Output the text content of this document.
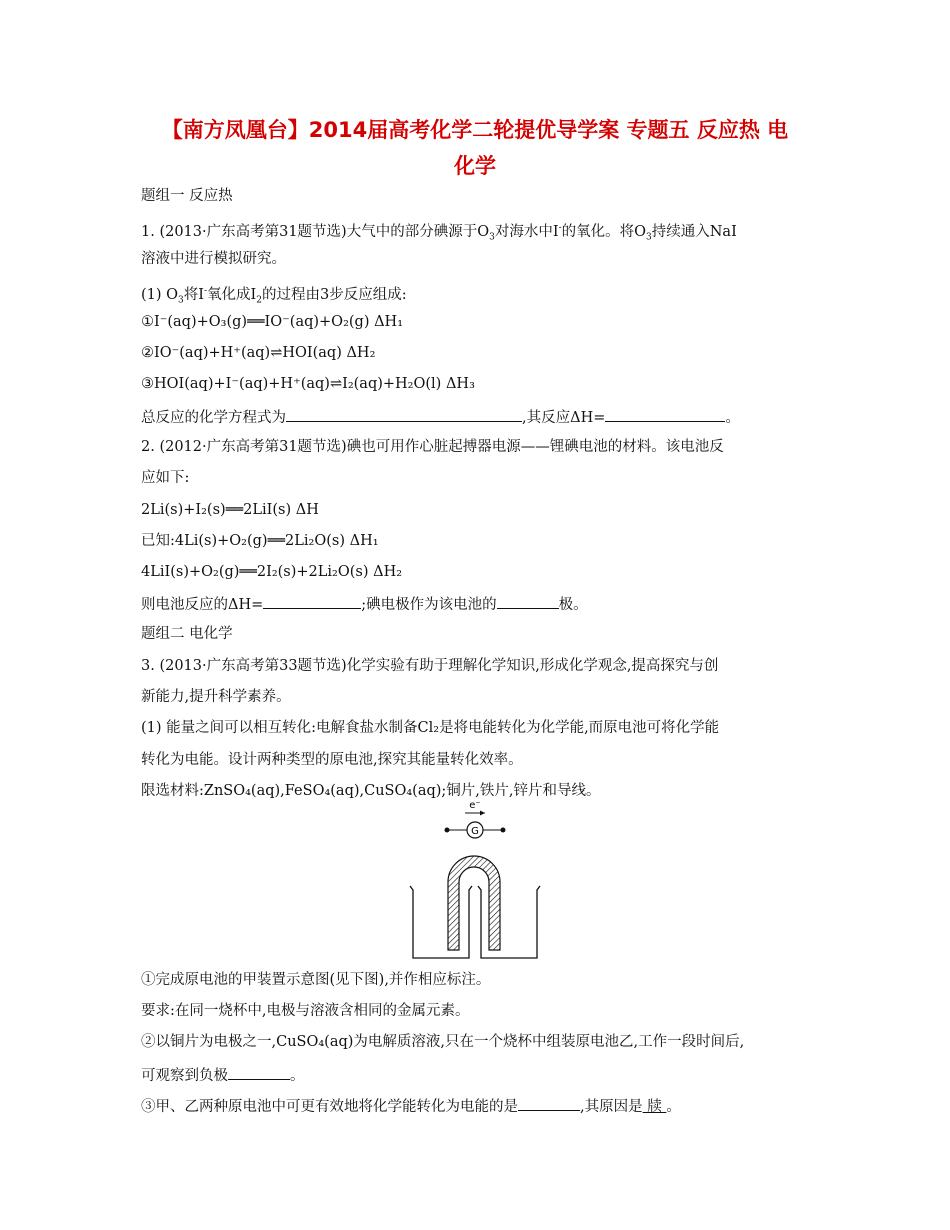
【南方凤凰台】2014届高考化学二轮提优导学案 专题五 反应热 电
化学
题组一 反应热
1. (2013·广东高考第31题节选)大气中的部分碘源于$O_3$对海水中I-的氧化。将$O_3$持续通入NaI
溶液中进行模拟研究。
(1) $O_3$将I-氧化成$I_2$的过程由3步反应组成:
①I⁻(aq)+O₃(g)══IO⁻(aq)+O₂(g) ΔH₁
②IO⁻(aq)+H⁺(aq)⇌HOI(aq) ΔH₂
③HOI(aq)+I⁻(aq)+H⁺(aq)⇌I₂(aq)+H₂O(l) ΔH₃
总反应的化学方程式为	,其反应ΔH=	。
2. (2012·广东高考第31题节选)碘也可用作心脏起搏器电源——锂碘电池的材料。该电池反
应如下:
2Li(s)+I₂(s)══2LiI(s) ΔH
已知:4Li(s)+O₂(g)══2Li₂O(s) ΔH₁
4LiI(s)+O₂(g)══2I₂(s)+2Li₂O(s) ΔH₂
则电池反应的ΔH=	;碘电极作为该电池的	极。
题组二 电化学
3. (2013·广东高考第33题节选)化学实验有助于理解化学知识,形成化学观念,提高探究与创
新能力,提升科学素养。
(1) 能量之间可以相互转化:电解食盐水制备Cl₂是将电能转化为化学能,而原电池可将化学能
转化为电能。设计两种类型的原电池,探究其能量转化效率。
限选材料:ZnSO₄(aq),FeSO₄(aq),CuSO₄(aq);铜片,铁片,锌片和导线。
e⁻
G
①完成原电池的甲装置示意图(见下图),并作相应标注。
要求:在同一烧杯中,电极与溶液含相同的金属元素。
②以铜片为电极之一,CuSO₄(aq)为电解质溶液,只在一个烧杯中组装原电池乙,工作一段时间后,
可观察到负极	。
③甲、乙两种原电池中可更有效地将化学能转化为电能的是	,其原因是 牍 。
